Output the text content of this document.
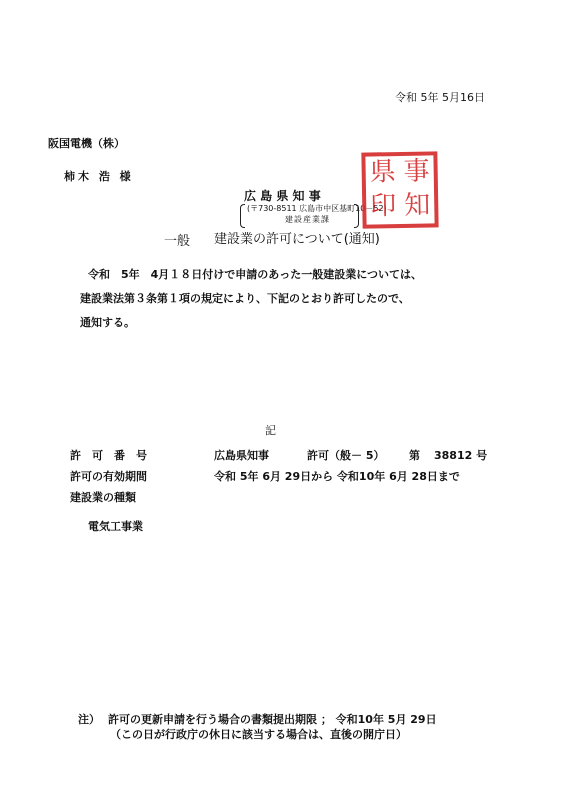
令和 5年 5月16日
阪国電機（株）
柿木 浩 様
広 島 県 知 事
(〒730-8511 広島市中区基町10－52)
建設産業課
県 事
印 知
一般 建設業の許可について(通知)
令和　5年　4月１８日付けで申請のあった一般建設業については、
建設業法第３条第１項の規定により、下記のとおり許可したので、
通知する。
記
許　可　番　号	広島県知事	許可（般－ 5） 第 38812 号
許可の有効期間	令和 5年 6月 29日から 令和10年 6月 28日まで
建設業の種類
電気工事業
注） 許可の更新申請を行う場合の書類提出期限 ； 令和10年 5月 29日
（この日が行政庁の休日に該当する場合は、直後の開庁日）
